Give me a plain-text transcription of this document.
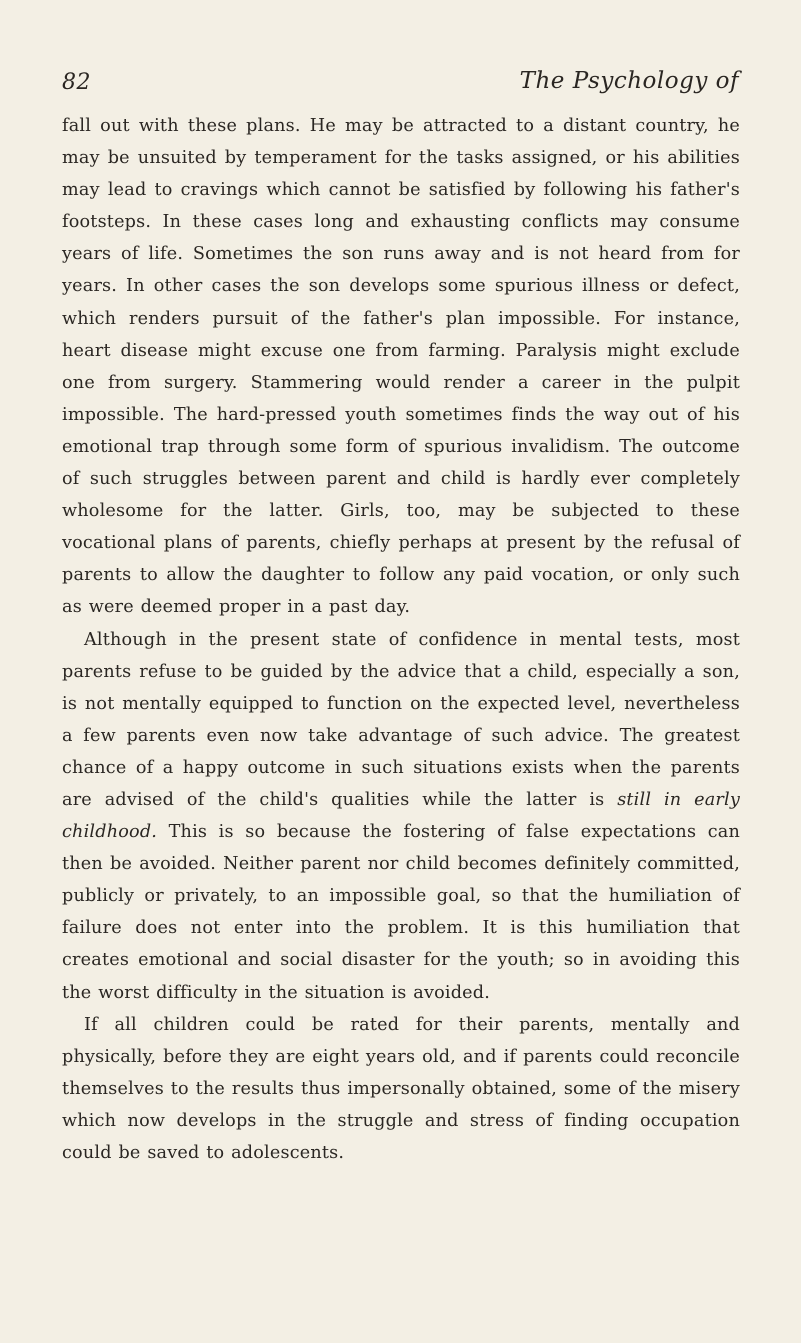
82	The Psychology of

fall out with these plans. He may be attracted to a distant country, he may be unsuited by temperament for the tasks assigned, or his abilities may lead to cravings which cannot be satisfied by following his father's footsteps. In these cases long and exhausting conflicts may consume years of life. Sometimes the son runs away and is not heard from for years. In other cases the son develops some spurious illness or defect, which renders pursuit of the father's plan impossible. For instance, heart disease might excuse one from farming. Paralysis might exclude one from surgery. Stammering would render a career in the pulpit impossible. The hard-pressed youth sometimes finds the way out of his emotional trap through some form of spurious invalidism. The outcome of such struggles between parent and child is hardly ever completely wholesome for the latter. Girls, too, may be subjected to these vocational plans of parents, chiefly perhaps at present by the refusal of parents to allow the daughter to follow any paid vocation, or only such as were deemed proper in a past day.

Although in the present state of confidence in mental tests, most parents refuse to be guided by the advice that a child, especially a son, is not mentally equipped to function on the expected level, nevertheless a few parents even now take advantage of such advice. The greatest chance of a happy outcome in such situations exists when the parents are advised of the child's qualities while the latter is still in early childhood. This is so because the fostering of false expectations can then be avoided. Neither parent nor child becomes definitely committed, publicly or privately, to an impossible goal, so that the humiliation of failure does not enter into the problem. It is this humiliation that creates emotional and social disaster for the youth; so in avoiding this the worst difficulty in the situation is avoided.

If all children could be rated for their parents, mentally and physically, before they are eight years old, and if parents could reconcile themselves to the results thus impersonally obtained, some of the misery which now develops in the struggle and stress of finding occupation could be saved to adolescents.
